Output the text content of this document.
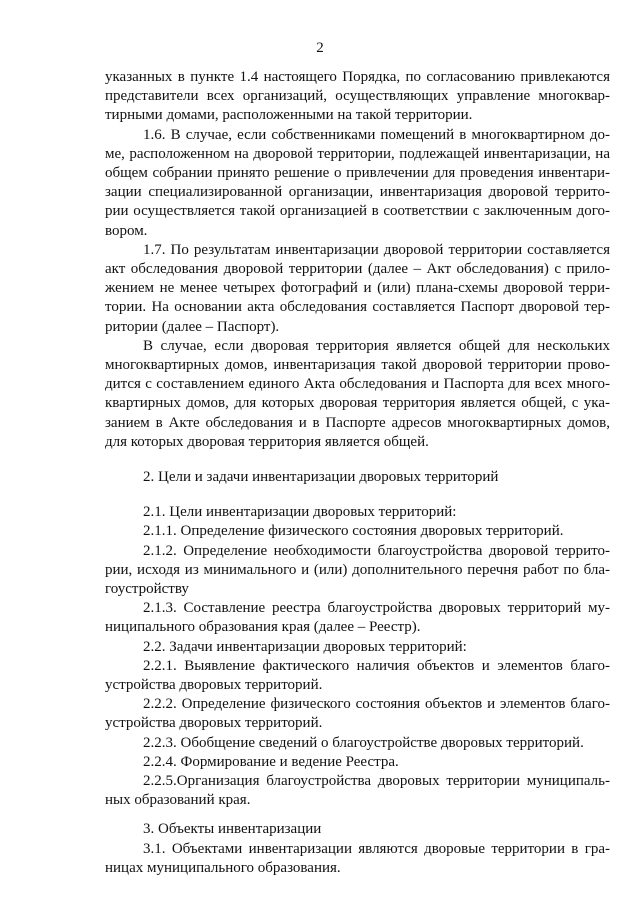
2
указанных в пункте 1.4 настоящего Порядка, по согласованию привлекаются
представители всех организаций, осуществляющих управление многоквар-
тирными домами, расположенными на такой территории.
1.6. В случае, если собственниками помещений в многоквартирном до-
ме, расположенном на дворовой территории, подлежащей инвентаризации, на
общем собрании принято решение о привлечении для проведения инвентари-
зации специализированной организации, инвентаризация дворовой террито-
рии осуществляется такой организацией в соответствии с заключенным дого-
вором.
1.7. По результатам инвентаризации дворовой территории составляется
акт обследования дворовой территории (далее – Акт обследования) с прило-
жением не менее четырех фотографий и (или) плана-схемы дворовой терри-
тории. На основании акта обследования составляется Паспорт дворовой тер-
ритории (далее – Паспорт).
В случае, если дворовая территория является общей для нескольких
многоквартирных домов, инвентаризация такой дворовой территории прово-
дится с составлением единого Акта обследования и Паспорта для всех много-
квартирных домов, для которых дворовая территория является общей, с ука-
занием в Акте обследования и в Паспорте адресов многоквартирных домов,
для которых дворовая территория является общей.
2. Цели и задачи инвентаризации дворовых территорий
2.1. Цели инвентаризации дворовых территорий:
2.1.1. Определение физического состояния дворовых территорий.
2.1.2. Определение необходимости благоустройства дворовой террито-
рии, исходя из минимального и (или) дополнительного перечня работ по бла-
гоустройству
2.1.3. Составление реестра благоустройства дворовых территорий му-
ниципального образования края (далее – Реестр).
2.2. Задачи инвентаризации дворовых территорий:
2.2.1. Выявление фактического наличия объектов и элементов благо-
устройства дворовых территорий.
2.2.2. Определение физического состояния объектов и элементов благо-
устройства дворовых территорий.
2.2.3. Обобщение сведений о благоустройстве дворовых территорий.
2.2.4. Формирование и ведение Реестра.
2.2.5.Организация благоустройства дворовых территории муниципаль-
ных образований края.
3. Объекты инвентаризации
3.1. Объектами инвентаризации являются дворовые территории в гра-
ницах муниципального образования.
